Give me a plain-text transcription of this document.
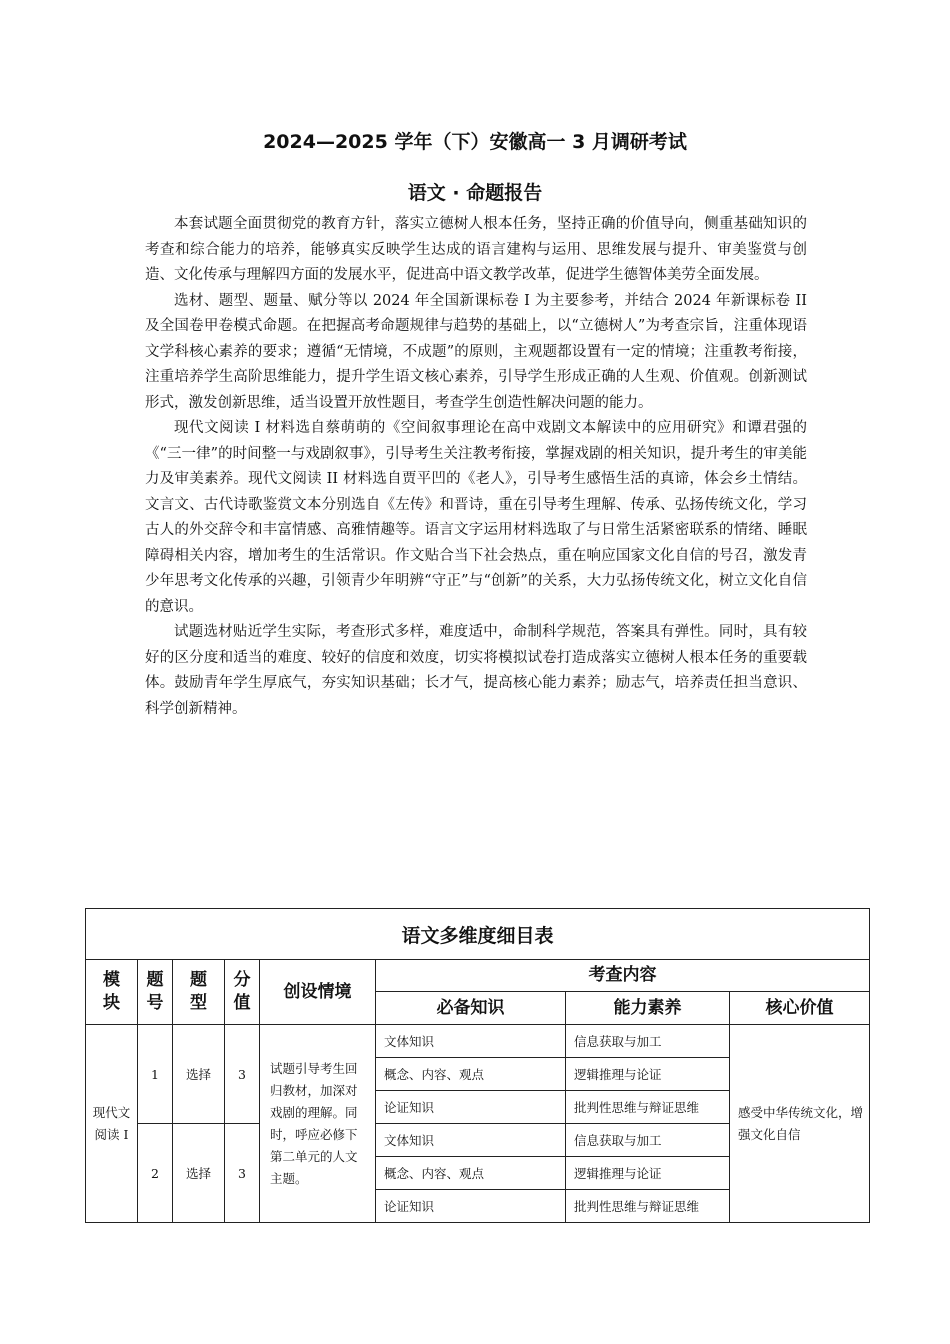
2024—2025 学年（下）安徽高一 3 月调研考试
语文 · 命题报告

本套试题全面贯彻党的教育方针，落实立德树人根本任务，坚持正确的价值导向，侧重基础知识的考查和综合能力的培养，能够真实反映学生达成的语言建构与运用、思维发展与提升、审美鉴赏与创造、文化传承与理解四方面的发展水平，促进高中语文教学改革，促进学生德智体美劳全面发展。

选材、题型、题量、赋分等以 2024 年全国新课标卷 I 为主要参考，并结合 2024 年新课标卷 II 及全国卷甲卷模式命题。在把握高考命题规律与趋势的基础上，以“立德树人”为考查宗旨，注重体现语文学科核心素养的要求；遵循“无情境，不成题”的原则，主观题都设置有一定的情境；注重教考衔接，注重培养学生高阶思维能力，提升学生语文核心素养，引导学生形成正确的人生观、价值观。创新测试形式，激发创新思维，适当设置开放性题目，考查学生创造性解决问题的能力。

现代文阅读 I 材料选自蔡萌萌的《空间叙事理论在高中戏剧文本解读中的应用研究》和谭君强的《“三一律”的时间整一与戏剧叙事》，引导考生关注教考衔接，掌握戏剧的相关知识，提升考生的审美能力及审美素养。现代文阅读 II 材料选自贾平凹的《老人》，引导考生感悟生活的真谛，体会乡土情结。文言文、古代诗歌鉴赏文本分别选自《左传》和晋诗，重在引导考生理解、传承、弘扬传统文化，学习古人的外交辞令和丰富情感、高雅情趣等。语言文字运用材料选取了与日常生活紧密联系的情绪、睡眠障碍相关内容，增加考生的生活常识。作文贴合当下社会热点，重在响应国家文化自信的号召，激发青少年思考文化传承的兴趣，引领青少年明辨“守正”与“创新”的关系，大力弘扬传统文化，树立文化自信的意识。

试题选材贴近学生实际，考查形式多样，难度适中，命制科学规范，答案具有弹性。同时，具有较好的区分度和适当的难度、较好的信度和效度，切实将模拟试卷打造成落实立德树人根本任务的重要载体。鼓励青年学生厚底气，夯实知识基础；长才气，提高核心能力素养；励志气，培养责任担当意识、科学创新精神。

语文多维度细目表							
模块	题号	题型	分值	创设情境	考查内容		
					必备知识	能力素养	核心价值
现代文阅读 I	1	选择	3	试题引导考生回归教材，加深对戏剧的理解。同时，呼应必修下第二单元的人文主题。	文体知识	信息获取与加工	感受中华传统文化，增强文化自信
					概念、内容、观点	逻辑推理与论证	
					论证知识	批判性思维与辩证思维	
	2	选择	3		文体知识	信息获取与加工	
					概念、内容、观点	逻辑推理与论证	
					论证知识	批判性思维与辩证思维	
